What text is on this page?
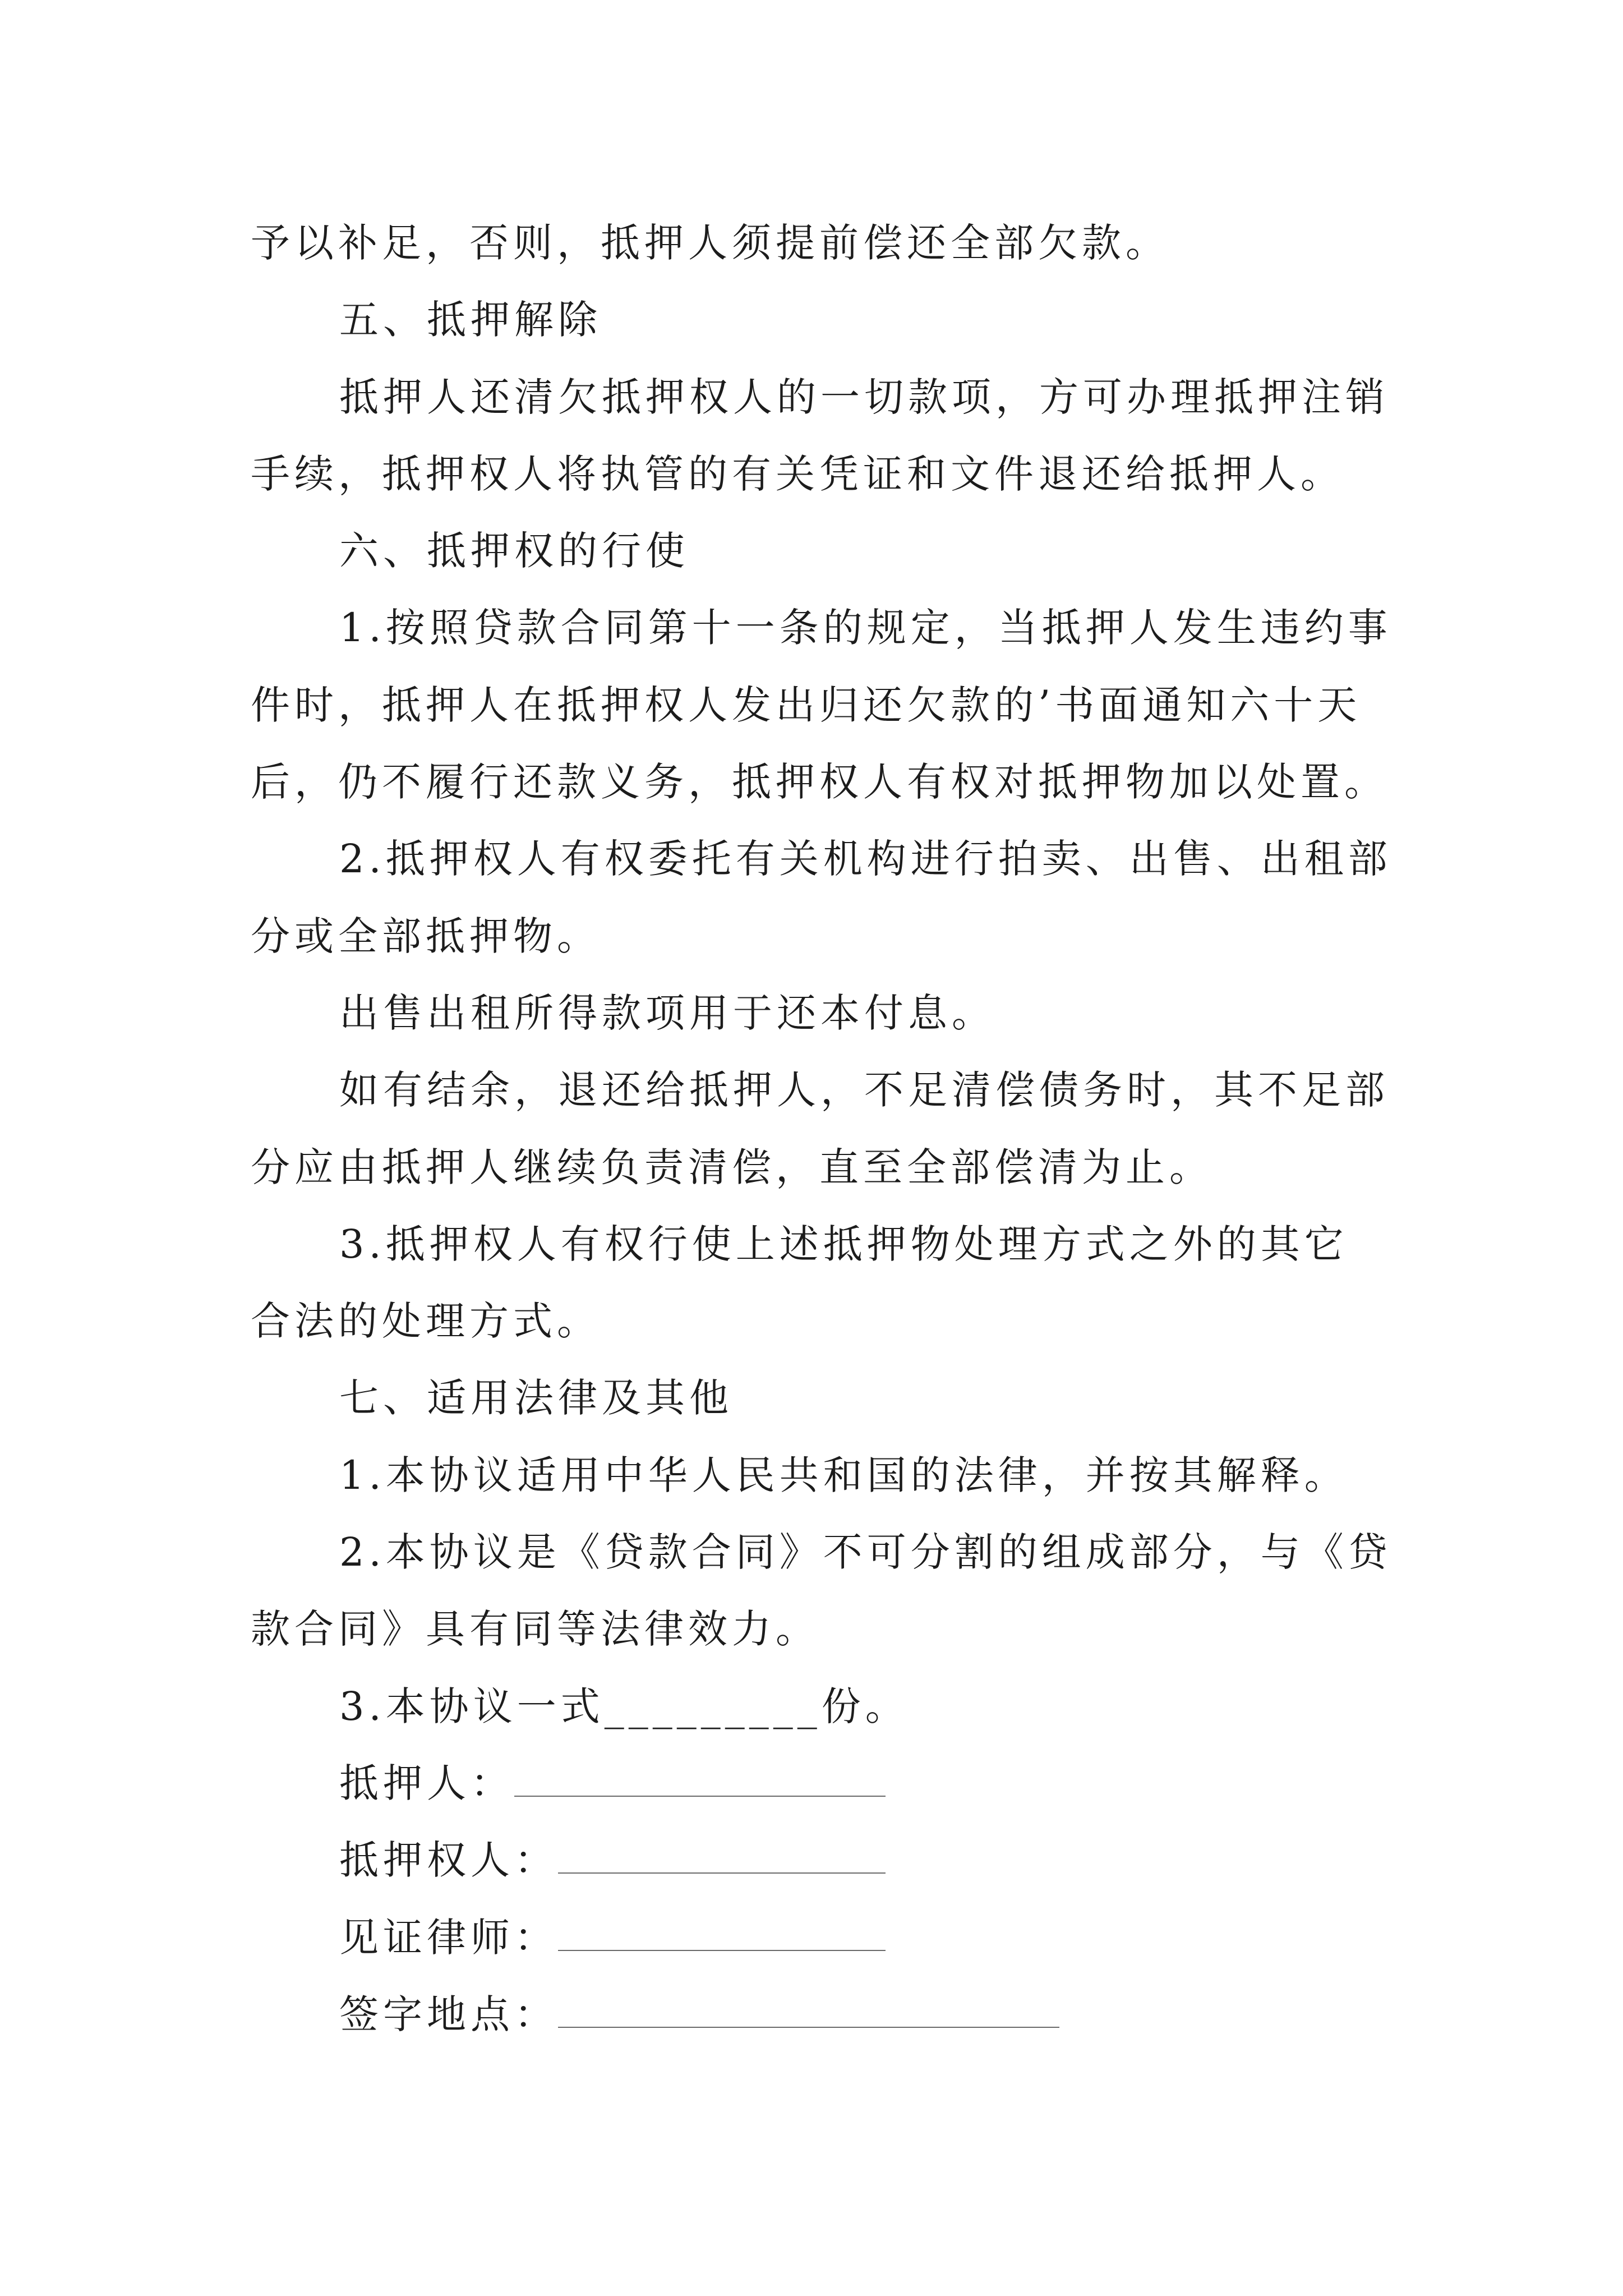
予以补足，否则，抵押人须提前偿还全部欠款。
五、抵押解除
抵押人还清欠抵押权人的一切款项，方可办理抵押注销
手续，抵押权人将执管的有关凭证和文件退还给抵押人。
六、抵押权的行使
1.按照贷款合同第十一条的规定，当抵押人发生违约事
件时，抵押人在抵押权人发出归还欠款的’书面通知六十天
后，仍不履行还款义务，抵押权人有权对抵押物加以处置。
2.抵押权人有权委托有关机构进行拍卖、出售、出租部
分或全部抵押物。
出售出租所得款项用于还本付息。
如有结余，退还给抵押人，不足清偿债务时，其不足部
分应由抵押人继续负责清偿，直至全部偿清为止。
3.抵押权人有权行使上述抵押物处理方式之外的其它
合法的处理方式。
七、适用法律及其他
1.本协议适用中华人民共和国的法律，并按其解释。
2.本协议是《贷款合同》不可分割的组成部分，与《贷
款合同》具有同等法律效力。
3.本协议一式_________份。
抵押人：
抵押权人：
见证律师：
签字地点：
